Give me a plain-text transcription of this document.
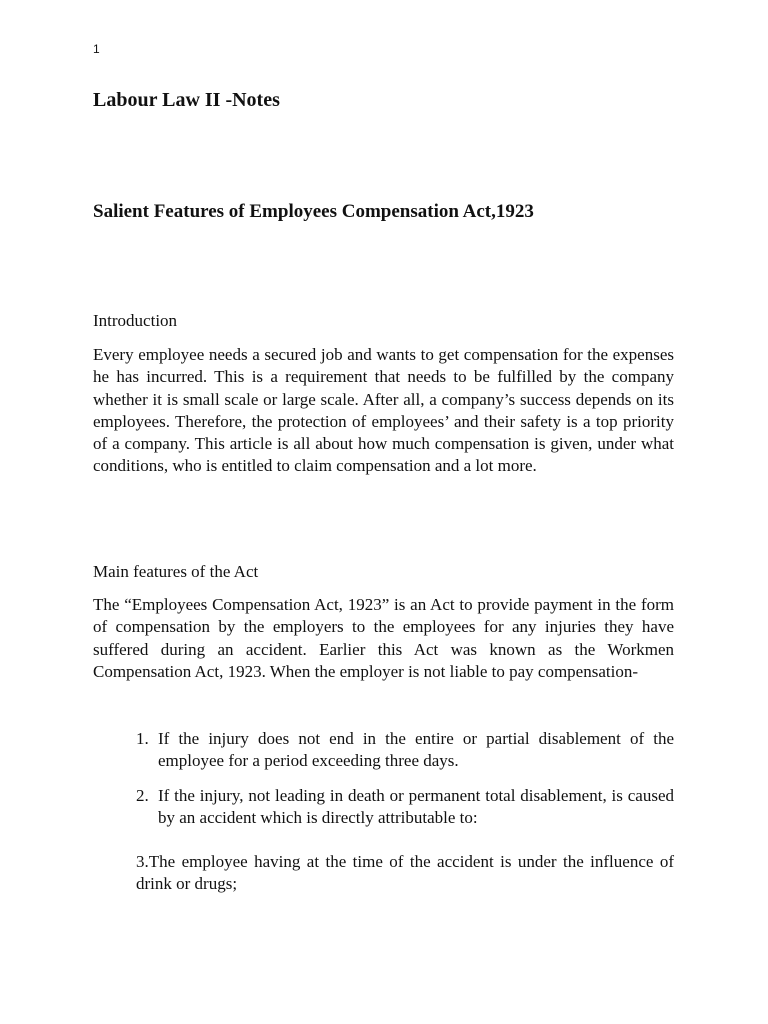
1
Labour Law II -Notes
Salient Features of Employees Compensation Act,1923
Introduction

Every employee needs a secured job and wants to get compensation for the expenses he has incurred. This is a requirement that needs to be fulfilled by the company whether it is small scale or large scale. After all, a company’s success depends on its employees. Therefore, the protection of employees’ and their safety is a top priority of a company. This article is all about how much compensation is given, under what conditions, who is entitled to claim compensation and a lot more.

Main features of the Act

The “Employees Compensation Act, 1923” is an Act to provide payment in the form of compensation by the employers to the employees for any injuries they have suffered during an accident. Earlier this Act was known as the Workmen Compensation Act, 1923. When the employer is not liable to pay compensation-

1. If the injury does not end in the entire or partial disablement of the employee for a period exceeding three days.
2. If the injury, not leading in death or permanent total disablement, is caused by an accident which is directly attributable to:

3.The employee having at the time of the accident is under the influence of drink or drugs;
